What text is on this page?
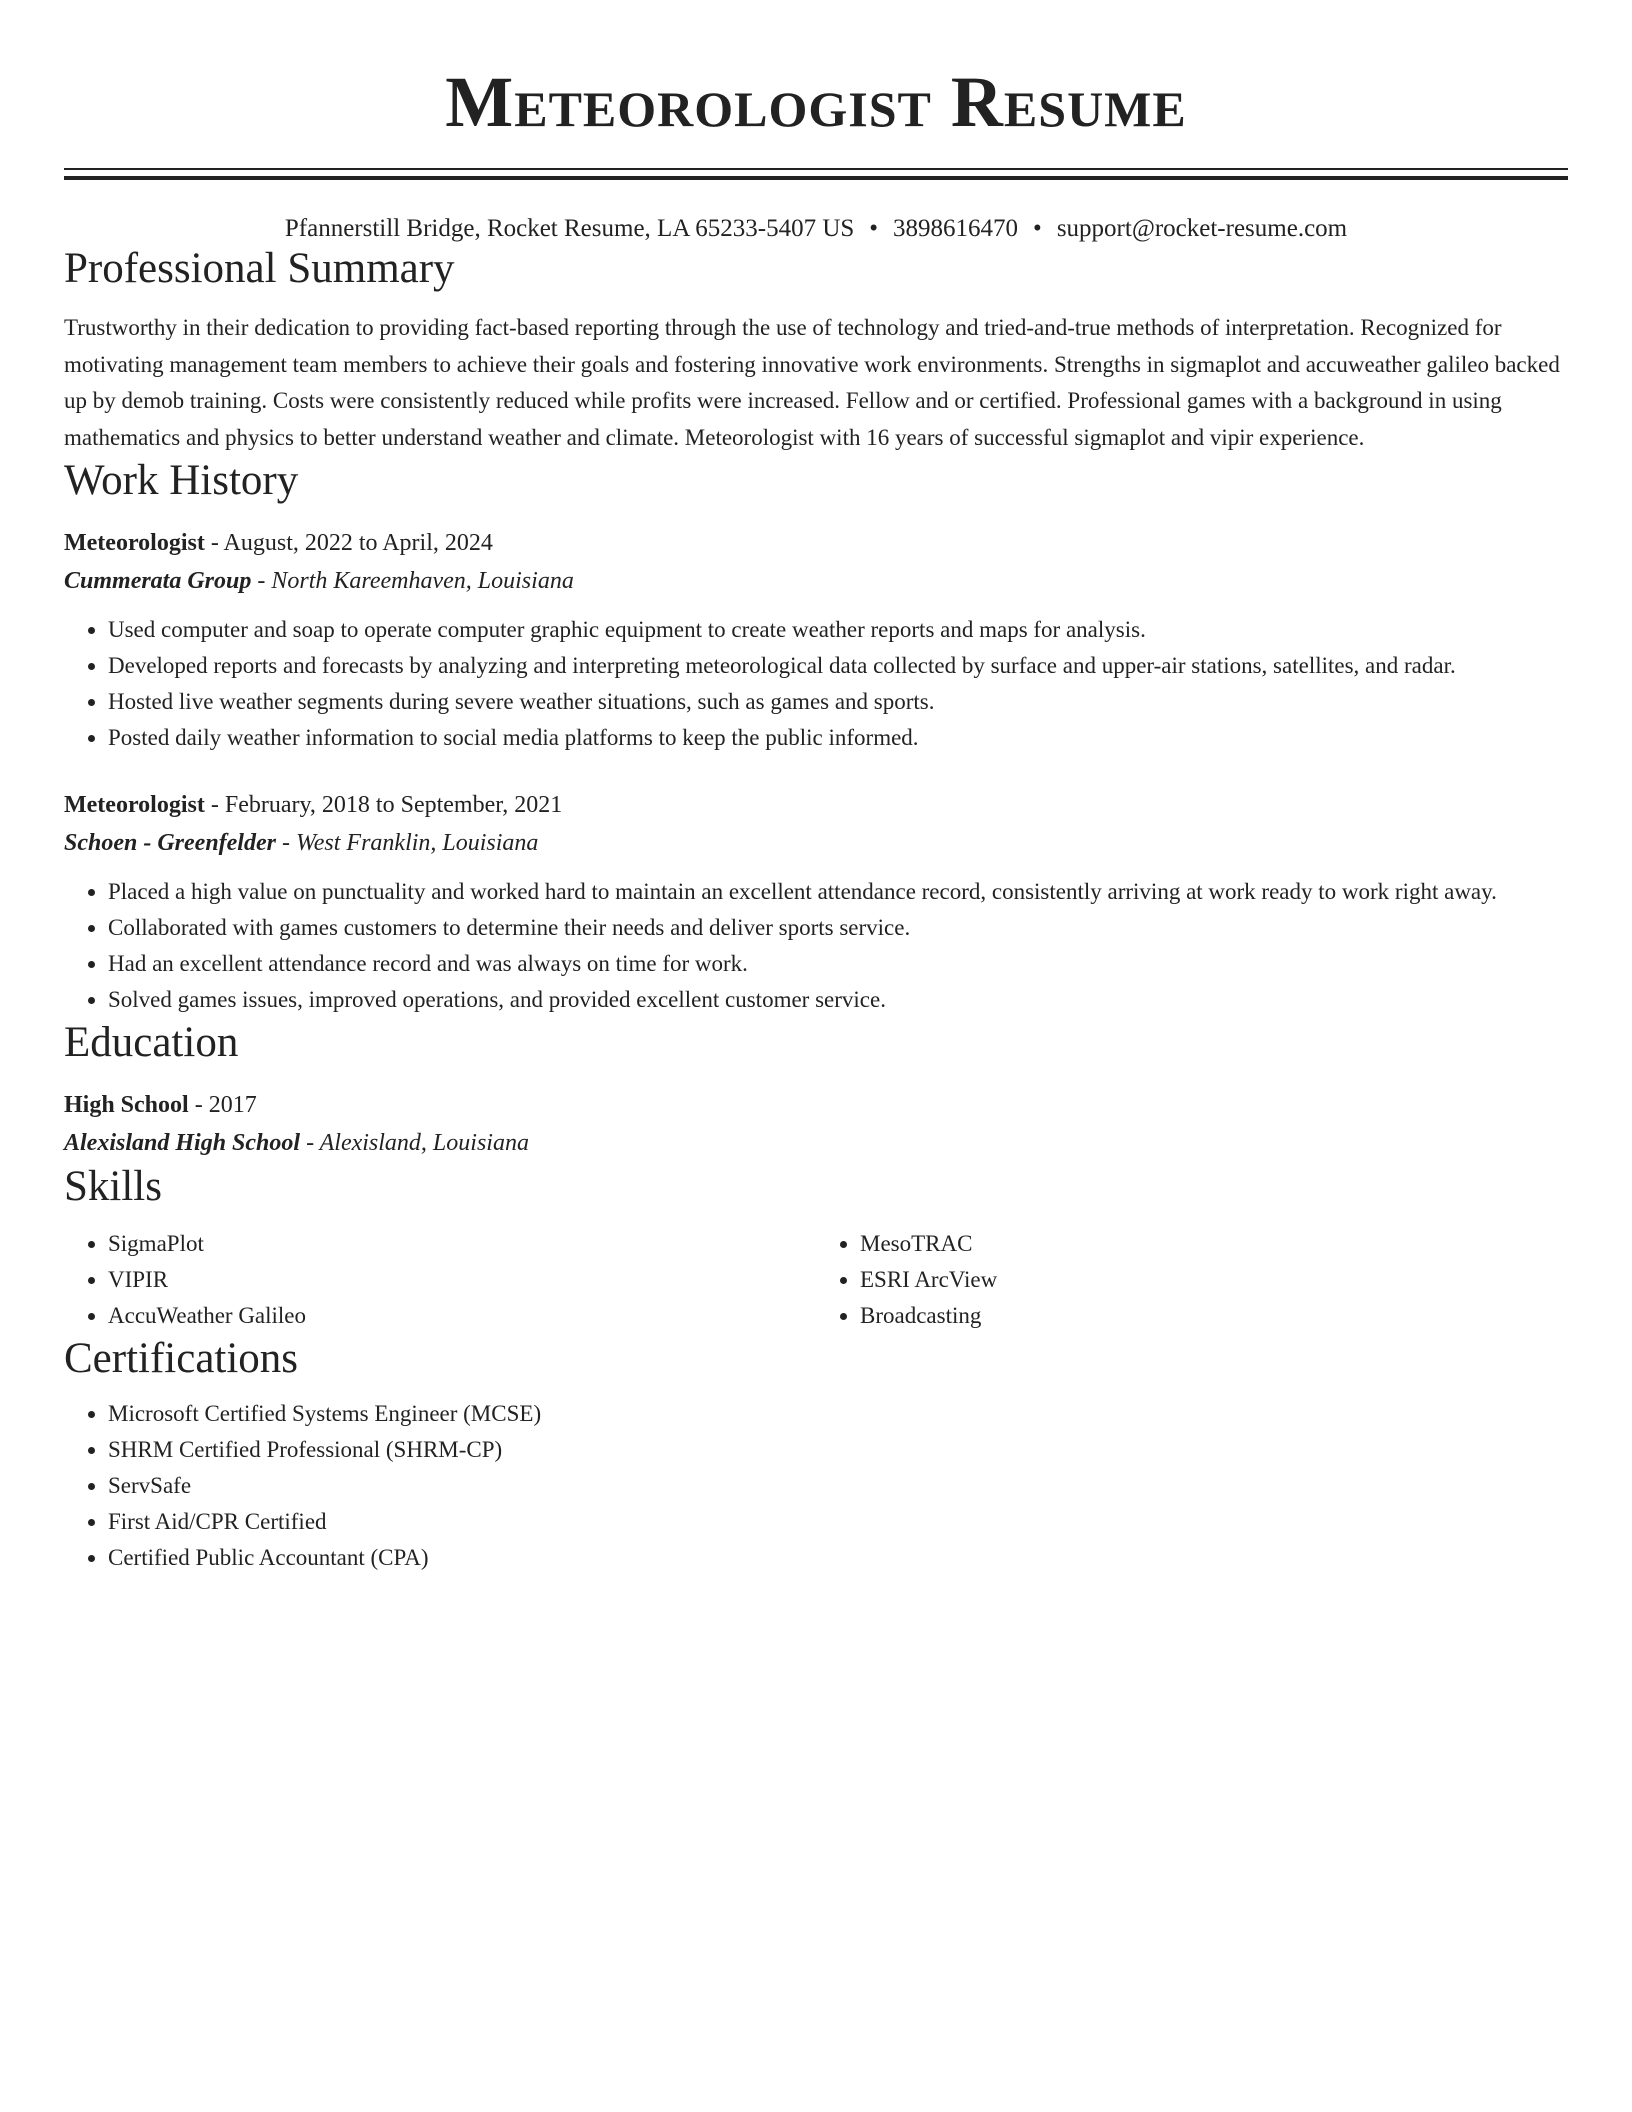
Meteorologist Resume
Pfannerstill Bridge, Rocket Resume, LA 65233-5407 US • 3898616470 • support@rocket-resume.com
Professional Summary
Trustworthy in their dedication to providing fact-based reporting through the use of technology and tried-and-true methods of interpretation. Recognized for motivating management team members to achieve their goals and fostering innovative work environments. Strengths in sigmaplot and accuweather galileo backed up by demob training. Costs were consistently reduced while profits were increased. Fellow and or certified. Professional games with a background in using mathematics and physics to better understand weather and climate. Meteorologist with 16 years of successful sigmaplot and vipir experience.
Work History
Meteorologist - August, 2022 to April, 2024
Cummerata Group - North Kareemhaven, Louisiana
• Used computer and soap to operate computer graphic equipment to create weather reports and maps for analysis.
• Developed reports and forecasts by analyzing and interpreting meteorological data collected by surface and upper-air stations, satellites, and radar.
• Hosted live weather segments during severe weather situations, such as games and sports.
• Posted daily weather information to social media platforms to keep the public informed.
Meteorologist - February, 2018 to September, 2021
Schoen - Greenfelder - West Franklin, Louisiana
• Placed a high value on punctuality and worked hard to maintain an excellent attendance record, consistently arriving at work ready to work right away.
• Collaborated with games customers to determine their needs and deliver sports service.
• Had an excellent attendance record and was always on time for work.
• Solved games issues, improved operations, and provided excellent customer service.
Education
High School - 2017
Alexisland High School - Alexisland, Louisiana
Skills
• SigmaPlot
• VIPIR
• AccuWeather Galileo
• MesoTRAC
• ESRI ArcView
• Broadcasting
Certifications
• Microsoft Certified Systems Engineer (MCSE)
• SHRM Certified Professional (SHRM-CP)
• ServSafe
• First Aid/CPR Certified
• Certified Public Accountant (CPA)
